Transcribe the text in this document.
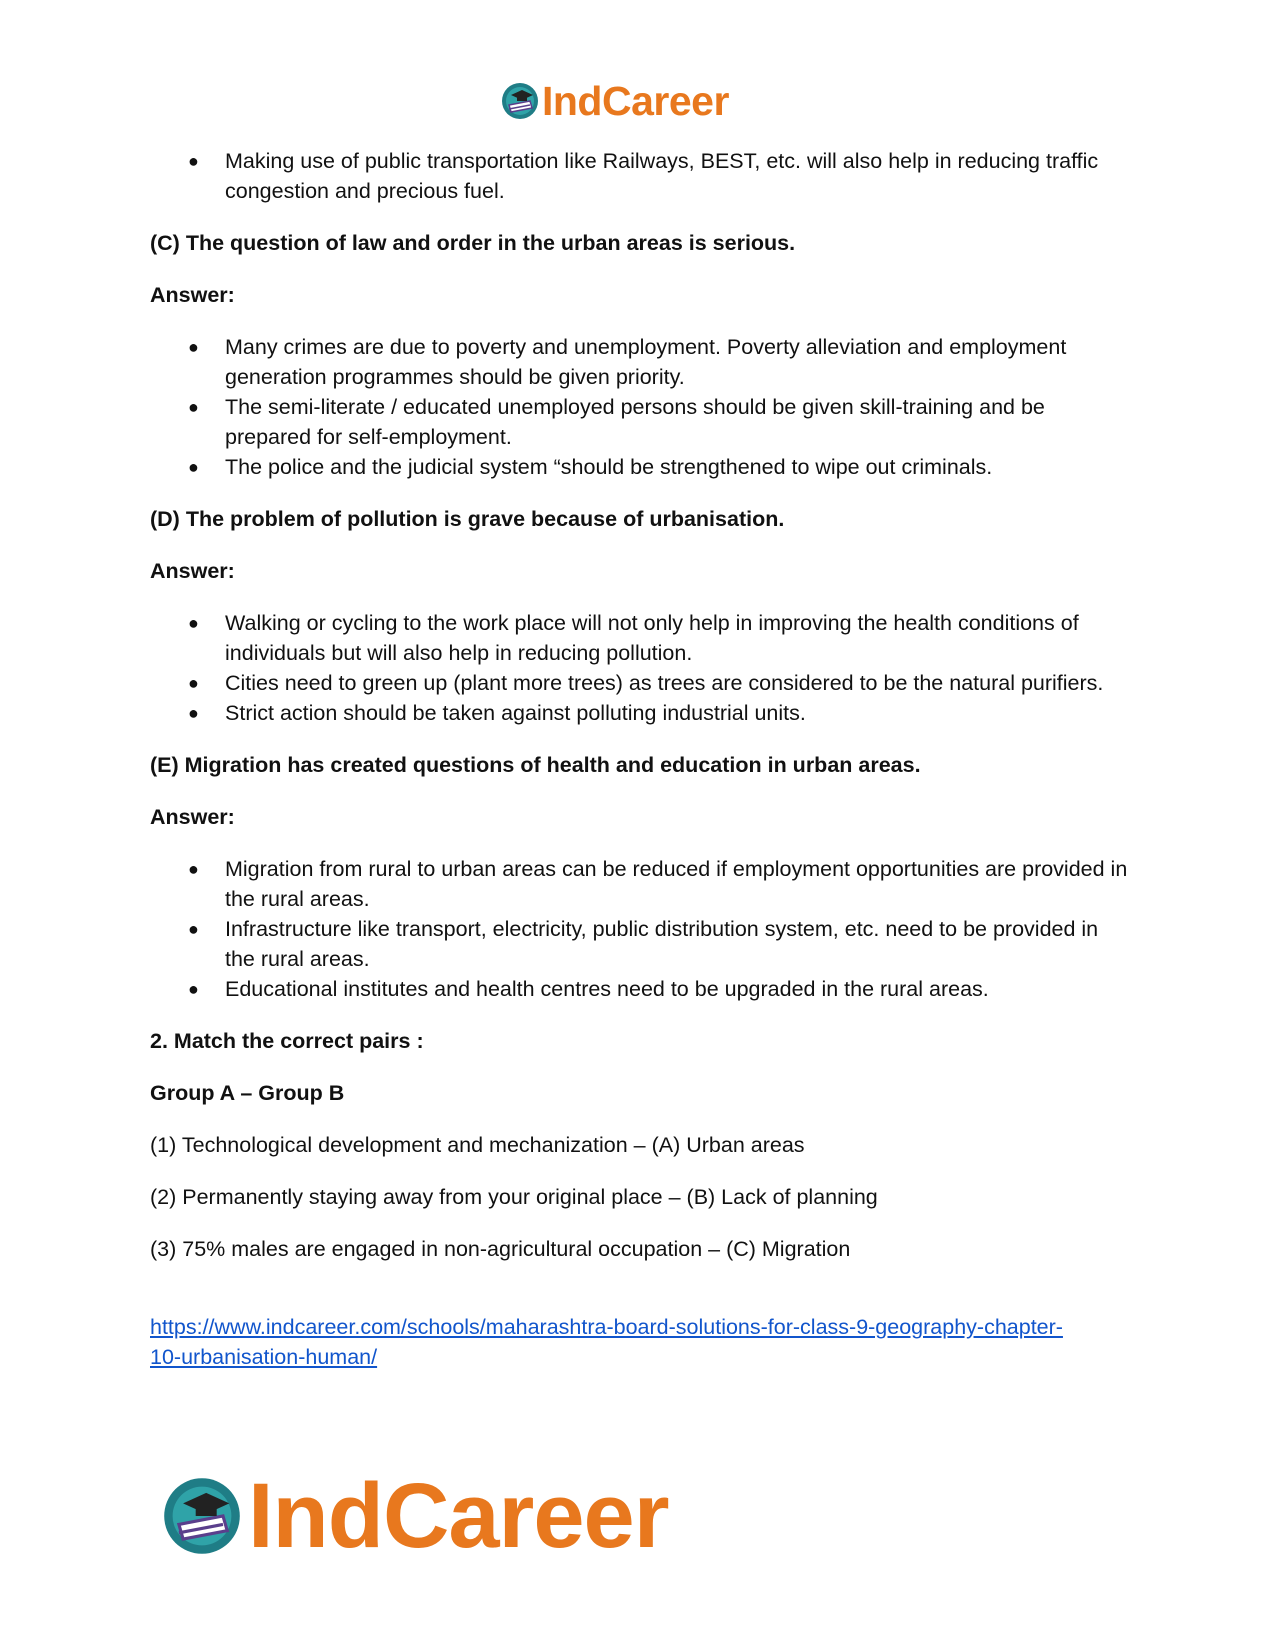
IndCareer
● Making use of public transportation like Railways, BEST, etc. will also help in reducing traffic congestion and precious fuel.

(C) The question of law and order in the urban areas is serious.

Answer:

● Many crimes are due to poverty and unemployment. Poverty alleviation and employment generation programmes should be given priority.
● The semi-literate / educated unemployed persons should be given skill-training and be prepared for self-employment.
● The police and the judicial system “should be strengthened to wipe out criminals.

(D) The problem of pollution is grave because of urbanisation.

Answer:

● Walking or cycling to the work place will not only help in improving the health conditions of individuals but will also help in reducing pollution.
● Cities need to green up (plant more trees) as trees are considered to be the natural purifiers.
● Strict action should be taken against polluting industrial units.

(E) Migration has created questions of health and education in urban areas.

Answer:

● Migration from rural to urban areas can be reduced if employment opportunities are provided in the rural areas.
● Infrastructure like transport, electricity, public distribution system, etc. need to be provided in the rural areas.
● Educational institutes and health centres need to be upgraded in the rural areas.

2. Match the correct pairs :

Group A – Group B

(1) Technological development and mechanization – (A) Urban areas

(2) Permanently staying away from your original place – (B) Lack of planning

(3) 75% males are engaged in non-agricultural occupation – (C) Migration

https://www.indcareer.com/schools/maharashtra-board-solutions-for-class-9-geography-chapter-
10-urbanisation-human/
IndCareer
